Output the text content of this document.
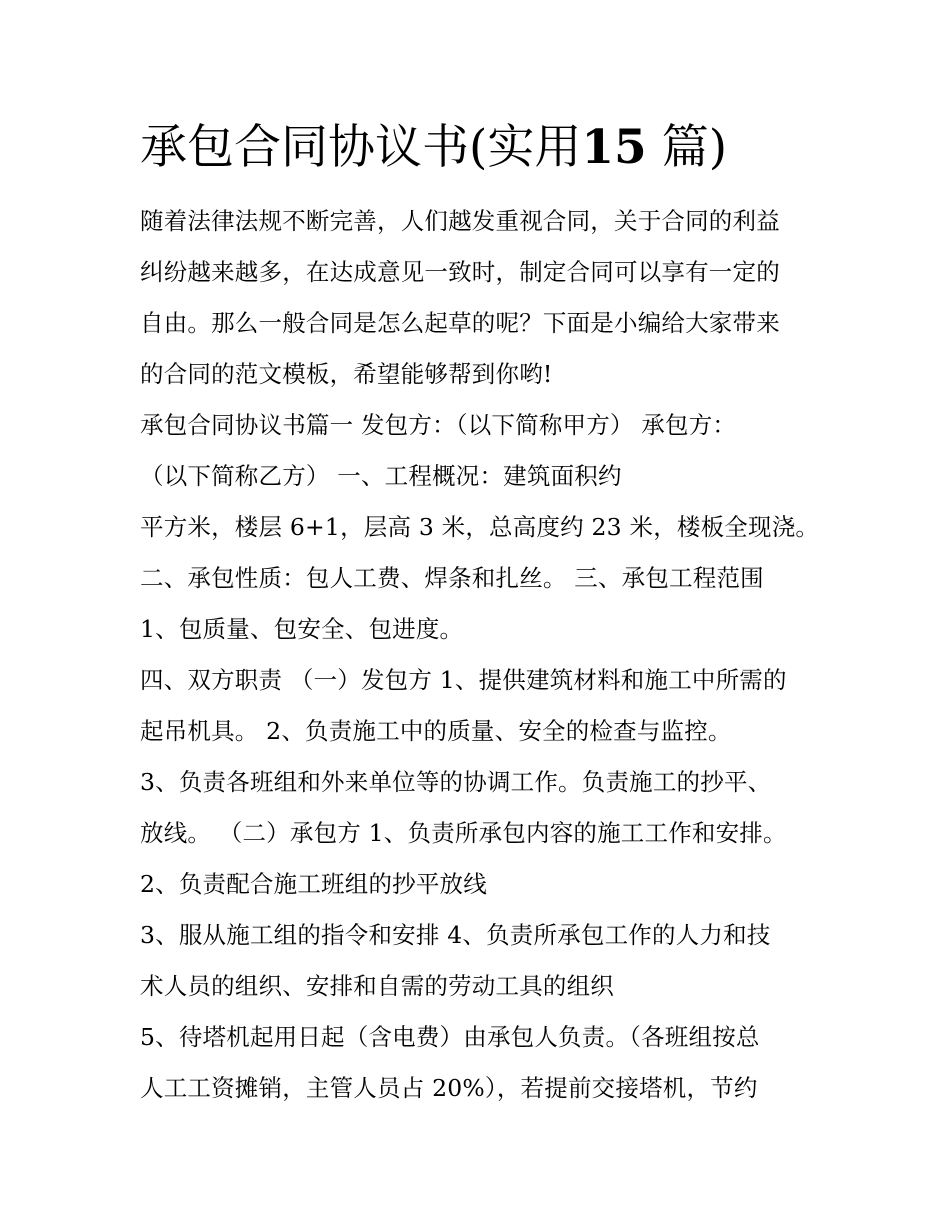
承包合同协议书(实用15 篇)
随着法律法规不断完善，人们越发重视合同，关于合同的利益
纠纷越来越多，在达成意见一致时，制定合同可以享有一定的
自由。那么一般合同是怎么起草的呢？下面是小编给大家带来
的合同的范文模板，希望能够帮到你哟!
承包合同协议书篇一 发包方：（以下简称甲方） 承包方：
（以下简称乙方） 一、工程概况：建筑面积约
平方米，楼层 6+1，层高 3 米，总高度约 23 米，楼板全现浇。
二、承包性质：包人工费、焊条和扎丝。 三、承包工程范围
1、包质量、包安全、包进度。
四、双方职责 （一）发包方 1、提供建筑材料和施工中所需的
起吊机具。 2、负责施工中的质量、安全的检查与监控。
3、负责各班组和外来单位等的协调工作。负责施工的抄平、
放线。 （二）承包方 1、负责所承包内容的施工工作和安排。
2、负责配合施工班组的抄平放线
3、服从施工组的指令和安排 4、负责所承包工作的人力和技
术人员的组织、安排和自需的劳动工具的组织
5、待塔机起用日起（含电费）由承包人负责。（各班组按总
人工工资摊销，主管人员占 20%），若提前交接塔机，节约
